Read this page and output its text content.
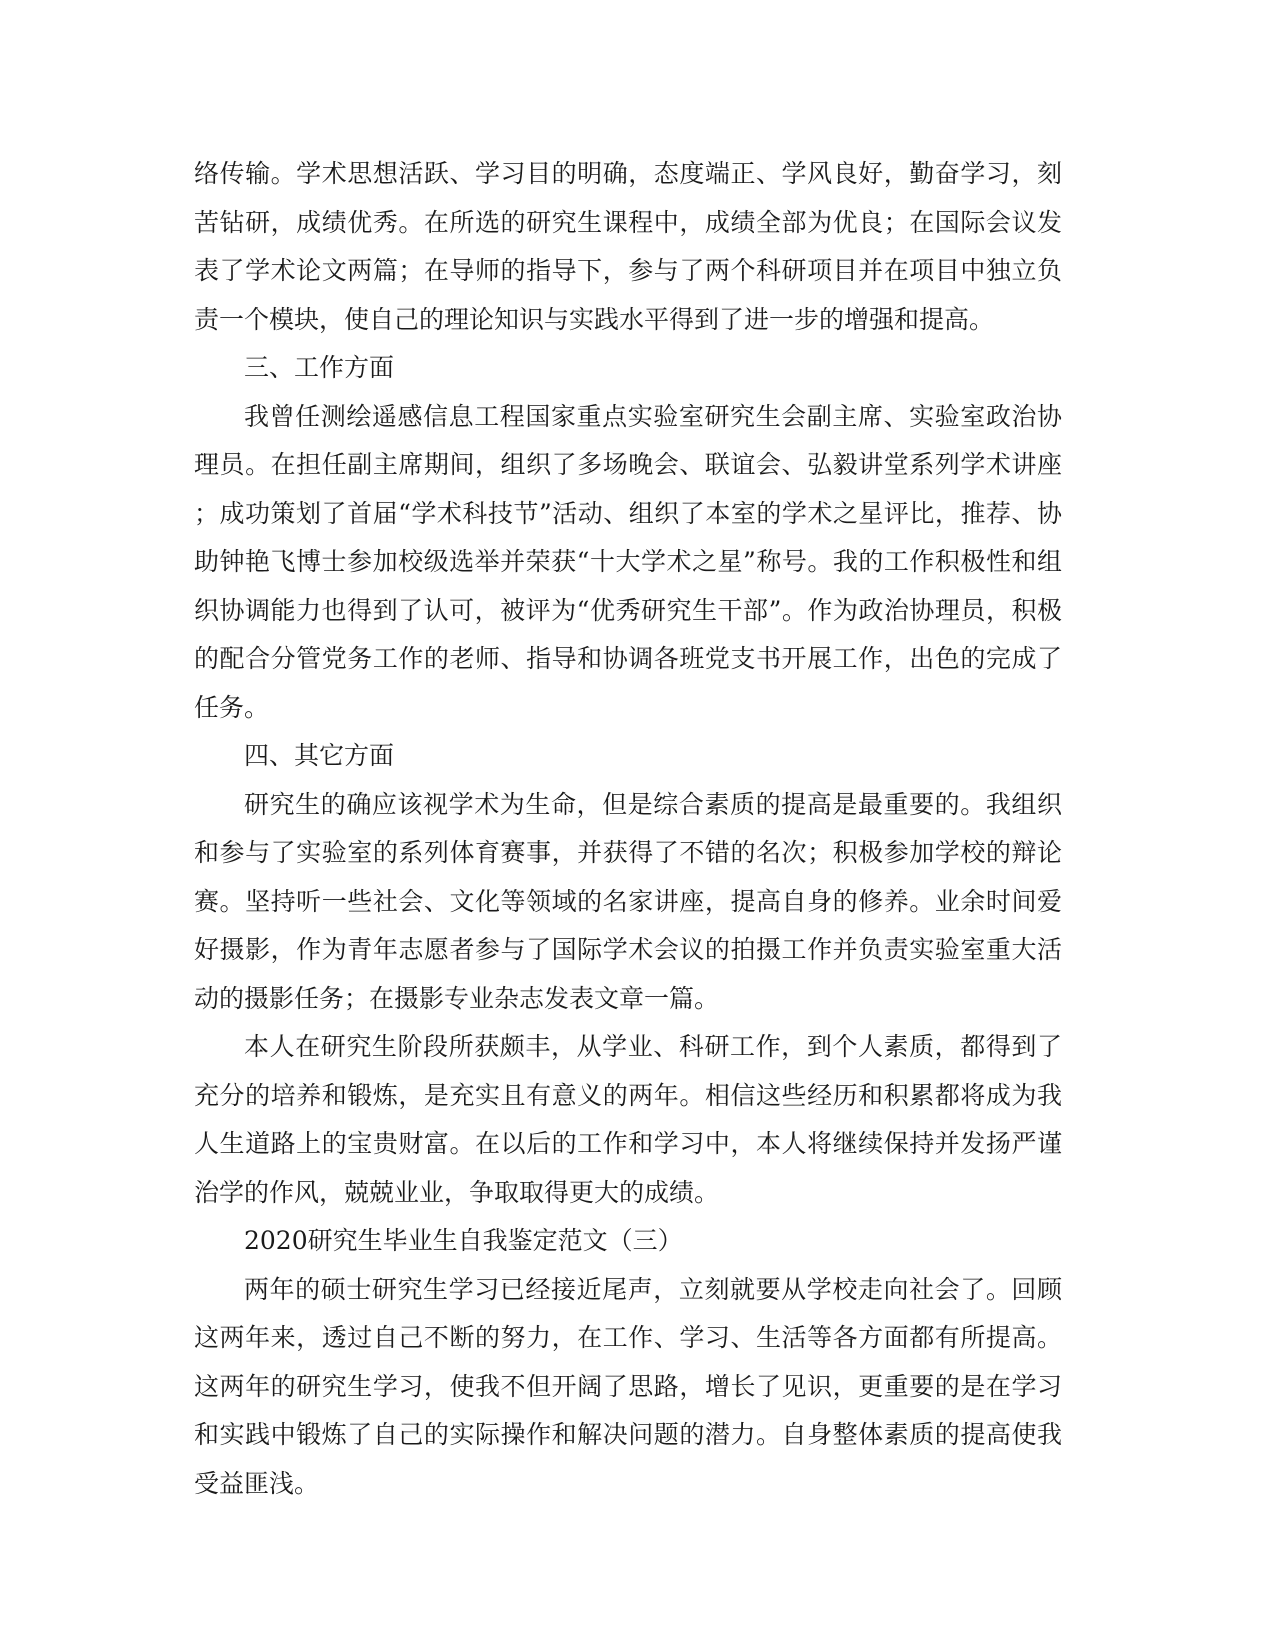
络传输。学术思想活跃、学习目的明确，态度端正、学风良好，勤奋学习，刻苦钻研，成绩优秀。在所选的研究生课程中，成绩全部为优良；在国际会议发表了学术论文两篇；在导师的指导下，参与了两个科研项目并在项目中独立负责一个模块，使自己的理论知识与实践水平得到了进一步的增强和提高。

三、工作方面

我曾任测绘遥感信息工程国家重点实验室研究生会副主席、实验室政治协理员。在担任副主席期间，组织了多场晚会、联谊会、弘毅讲堂系列学术讲座；成功策划了首届“学术科技节”活动、组织了本室的学术之星评比，推荐、协助钟艳飞博士参加校级选举并荣获“十大学术之星”称号。我的工作积极性和组织协调能力也得到了认可，被评为“优秀研究生干部”。作为政治协理员，积极的配合分管党务工作的老师、指导和协调各班党支书开展工作，出色的完成了任务。

四、其它方面

研究生的确应该视学术为生命，但是综合素质的提高是最重要的。我组织和参与了实验室的系列体育赛事，并获得了不错的名次；积极参加学校的辩论赛。坚持听一些社会、文化等领域的名家讲座，提高自身的修养。业余时间爱好摄影，作为青年志愿者参与了国际学术会议的拍摄工作并负责实验室重大活动的摄影任务；在摄影专业杂志发表文章一篇。

本人在研究生阶段所获颇丰，从学业、科研工作，到个人素质，都得到了充分的培养和锻炼，是充实且有意义的两年。相信这些经历和积累都将成为我人生道路上的宝贵财富。在以后的工作和学习中，本人将继续保持并发扬严谨治学的作风，兢兢业业，争取取得更大的成绩。

2020研究生毕业生自我鉴定范文（三）

两年的硕士研究生学习已经接近尾声，立刻就要从学校走向社会了。回顾这两年来，透过自己不断的努力，在工作、学习、生活等各方面都有所提高。这两年的研究生学习，使我不但开阔了思路，增长了见识，更重要的是在学习和实践中锻炼了自己的实际操作和解决问题的潜力。自身整体素质的提高使我受益匪浅。
